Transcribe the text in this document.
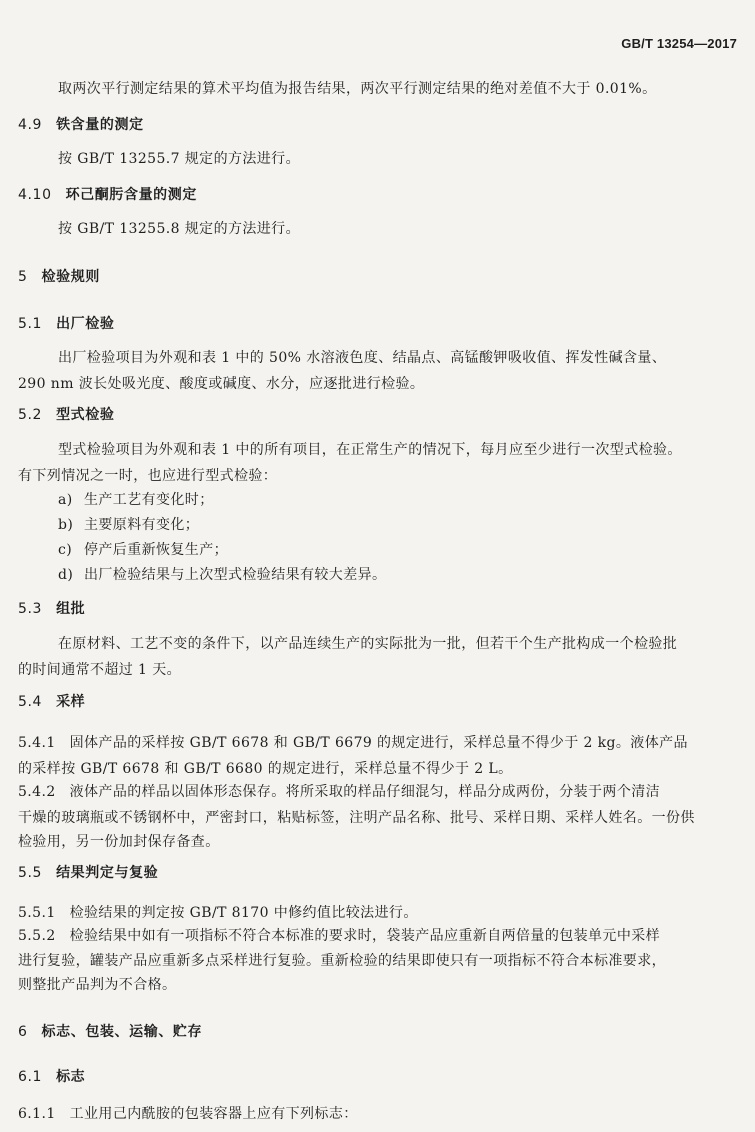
GB/T 13254—2017
取两次平行测定结果的算术平均值为报告结果，两次平行测定结果的绝对差值不大于 0.01%。
4.9 铁含量的测定
按 GB/T 13255.7 规定的方法进行。
4.10 环己酮肟含量的测定
按 GB/T 13255.8 规定的方法进行。
5 检验规则
5.1 出厂检验
出厂检验项目为外观和表 1 中的 50% 水溶液色度、结晶点、高锰酸钾吸收值、挥发性碱含量、
290 nm 波长处吸光度、酸度或碱度、水分，应逐批进行检验。
5.2 型式检验
型式检验项目为外观和表 1 中的所有项目，在正常生产的情况下，每月应至少进行一次型式检验。
有下列情况之一时，也应进行型式检验：
a) 生产工艺有变化时；
b) 主要原料有变化；
c) 停产后重新恢复生产；
d) 出厂检验结果与上次型式检验结果有较大差异。
5.3 组批
在原材料、工艺不变的条件下，以产品连续生产的实际批为一批，但若干个生产批构成一个检验批
的时间通常不超过 1 天。
5.4 采样
5.4.1 固体产品的采样按 GB/T 6678 和 GB/T 6679 的规定进行，采样总量不得少于 2 kg。液体产品
的采样按 GB/T 6678 和 GB/T 6680 的规定进行，采样总量不得少于 2 L。
5.4.2 液体产品的样品以固体形态保存。将所采取的样品仔细混匀，样品分成两份，分装于两个清洁
干燥的玻璃瓶或不锈钢杯中，严密封口，粘贴标签，注明产品名称、批号、采样日期、采样人姓名。一份供
检验用，另一份加封保存备查。
5.5 结果判定与复验
5.5.1 检验结果的判定按 GB/T 8170 中修约值比较法进行。
5.5.2 检验结果中如有一项指标不符合本标准的要求时，袋装产品应重新自两倍量的包装单元中采样
进行复验，罐装产品应重新多点采样进行复验。重新检验的结果即使只有一项指标不符合本标准要求，
则整批产品判为不合格。
6 标志、包装、运输、贮存
6.1 标志
6.1.1 工业用己内酰胺的包装容器上应有下列标志：
